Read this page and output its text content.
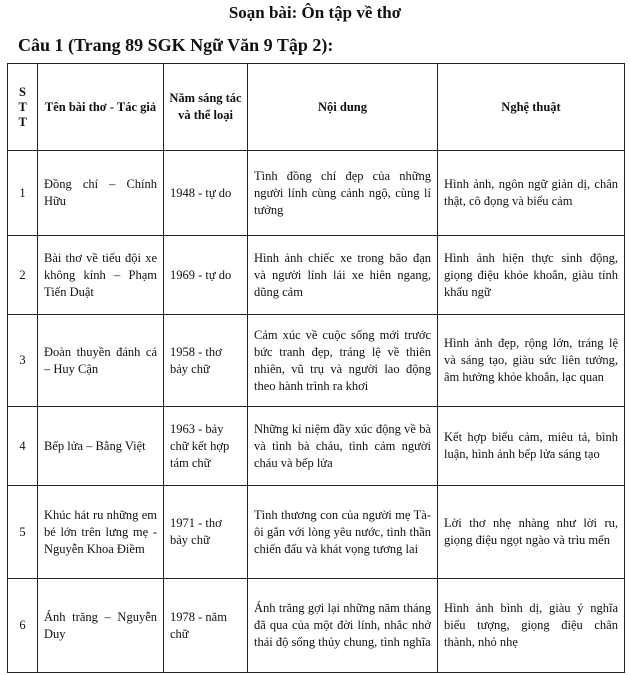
Soạn bài: Ôn tập về thơ
Câu 1 (Trang 89 SGK Ngữ Văn 9 Tập 2):
S T T	Tên bài thơ - Tác giả	Năm sáng tác và thể loại	Nội dung	Nghệ thuật
1	Đồng chí – Chính Hữu	1948 - tự do	Tình đồng chí đẹp của những người lính cùng cảnh ngộ, cùng lí tưởng	Hình ảnh, ngôn ngữ giản dị, chân thật, cô đọng và biểu cảm
2	Bài thơ về tiểu đội xe không kính – Phạm Tiến Duật	1969 - tự do	Hình ảnh chiếc xe trong bão đạn và người lính lái xe hiên ngang, dũng cảm	Hình ảnh hiện thực sinh động, giọng điệu khỏe khoắn, giàu tính khẩu ngữ
3	Đoàn thuyền đánh cá – Huy Cận	1958 - thơ bảy chữ	Cảm xúc về cuộc sống mới trước bức tranh đẹp, tráng lệ về thiên nhiên, vũ trụ và người lao động theo hành trình ra khơi	Hình ảnh đẹp, rộng lớn, tráng lệ và sáng tạo, giàu sức liên tưởng, âm hưởng khỏe khoắn, lạc quan
4	Bếp lửa – Bằng Việt	1963 - bảy chữ kết hợp tám chữ	Những kỉ niệm đầy xúc động về bà và tình bà cháu, tình cảm người cháu và bếp lửa	Kết hợp biểu cảm, miêu tả, bình luận, hình ảnh bếp lửa sáng tạo
5	Khúc hát ru những em bé lớn trên lưng mẹ - Nguyễn Khoa Điềm	1971 - thơ bảy chữ	Tình thương con của người mẹ Tà-ôi gắn với lòng yêu nước, tinh thần chiến đấu và khát vọng tương lai	Lời thơ nhẹ nhàng như lời ru, giọng điệu ngọt ngào và trìu mến
6	Ánh trăng – Nguyễn Duy	1978 - năm chữ	Ánh trăng gợi lại những năm tháng đã qua của một đời lính, nhắc nhở thái độ sống thủy chung, tình nghĩa	Hình ảnh bình dị, giàu ý nghĩa biểu tượng, giọng điệu chân thành, nhỏ nhẹ
